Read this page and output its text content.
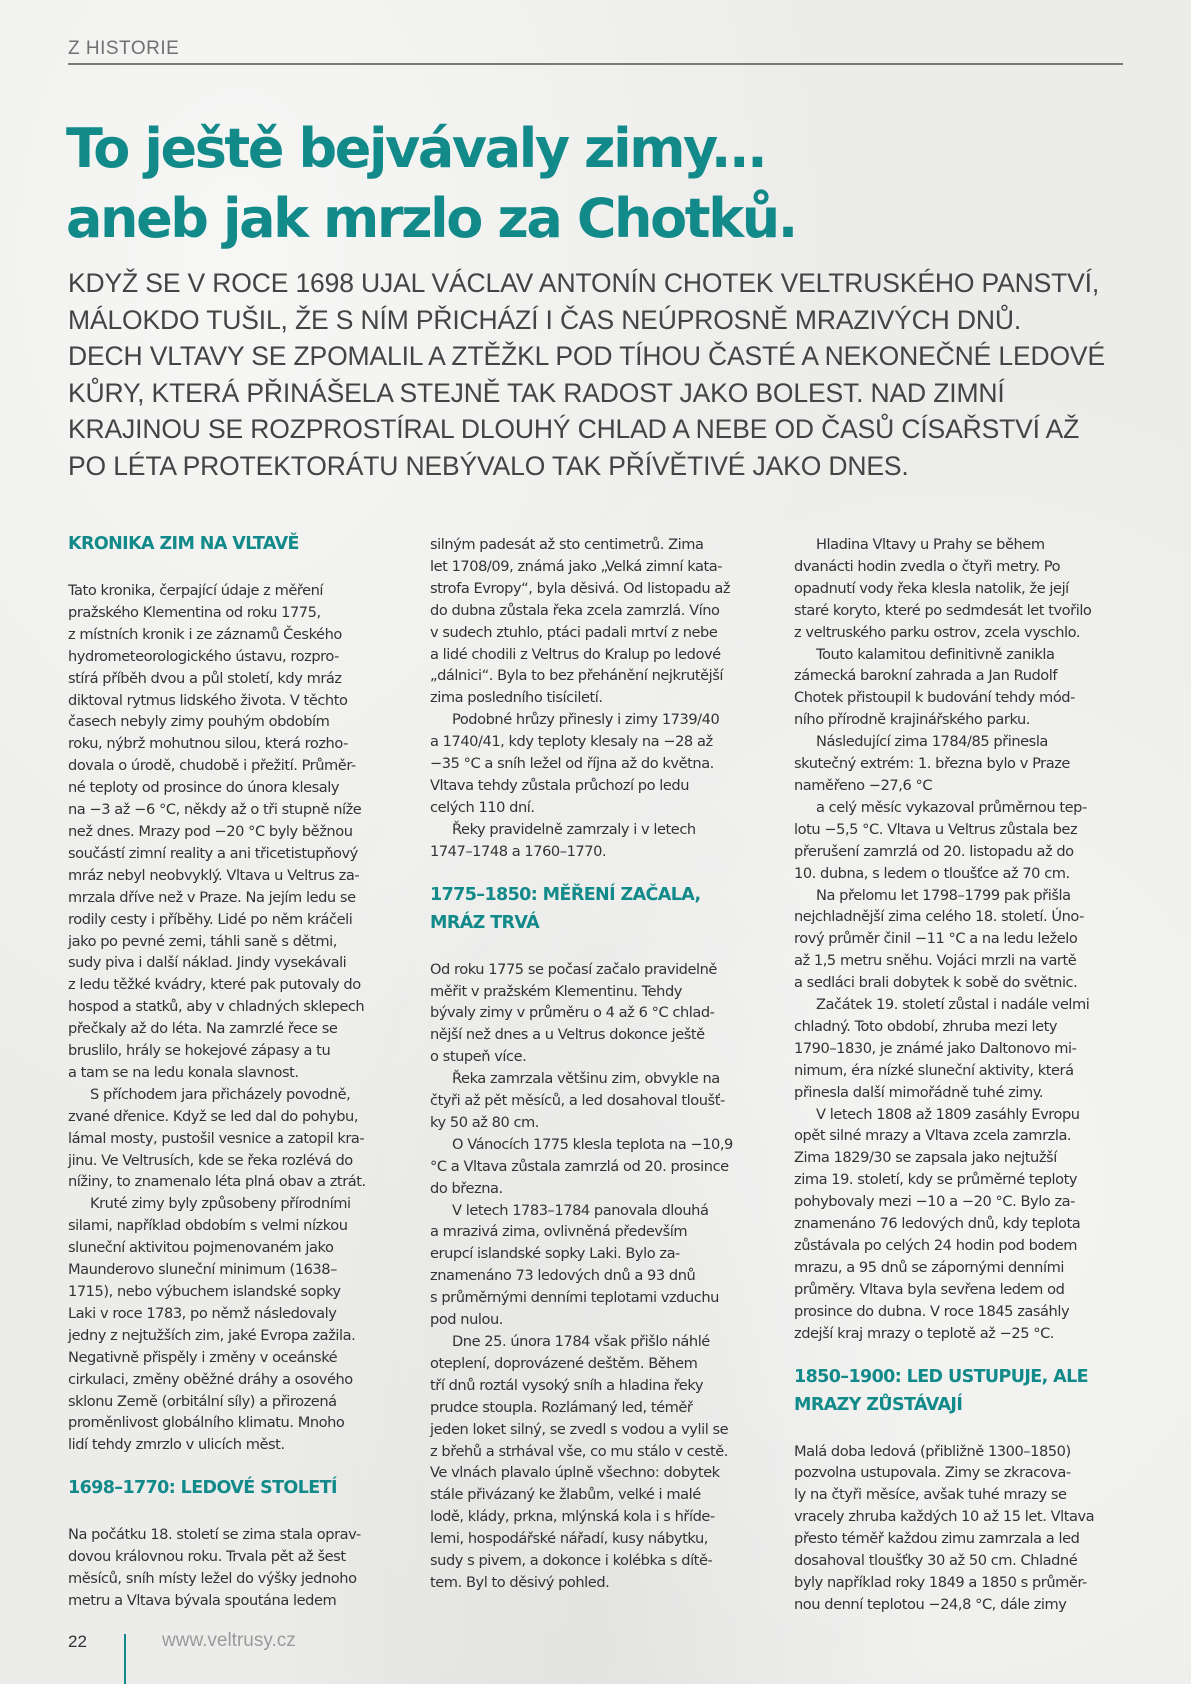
Z HISTORIE
To ještě bejvávaly zimy...
aneb jak mrzlo za Chotků.
KDYŽ SE V ROCE 1698 UJAL VÁCLAV ANTONÍN CHOTEK VELTRUSKÉHO PANSTVÍ,
MÁLOKDO TUŠIL, ŽE S NÍM PŘICHÁZÍ I ČAS NEÚPROSNĚ MRAZIVÝCH DNŮ.
DECH VLTAVY SE ZPOMALIL A ZTĚŽKL POD TÍHOU ČASTÉ A NEKONEČNÉ LEDOVÉ
KŮRY, KTERÁ PŘINÁŠELA STEJNĚ TAK RADOST JAKO BOLEST. NAD ZIMNÍ
KRAJINOU SE ROZPROSTÍRAL DLOUHÝ CHLAD A NEBE OD ČASŮ CÍSAŘSTVÍ AŽ
PO LÉTA PROTEKTORÁTU NEBÝVALO TAK PŘÍVĚTIVÉ JAKO DNES.
KRONIKA ZIM NA VLTAVĚ

Tato kronika, čerpající údaje z měření
pražského Klementina od roku 1775,
z místních kronik i ze záznamů Českého
hydrometeorologického ústavu, rozpro-
stírá příběh dvou a půl století, kdy mráz
diktoval rytmus lidského života. V těchto
časech nebyly zimy pouhým obdobím
roku, nýbrž mohutnou silou, která rozho-
dovala o úrodě, chudobě i přežití. Průměr-
né teploty od prosince do února klesaly
na −3 až −6 °C, někdy až o tři stupně níže
než dnes. Mrazy pod −20 °C byly běžnou
součástí zimní reality a ani třicetistupňový
mráz nebyl neobvyklý. Vltava u Veltrus za-
mrzala dříve než v Praze. Na jejím ledu se
rodily cesty i příběhy. Lidé po něm kráčeli
jako po pevné zemi, táhli saně s dětmi,
sudy piva i další náklad. Jindy vysekávali
z ledu těžké kvádry, které pak putovaly do
hospod a statků, aby v chladných sklepech
přečkaly až do léta. Na zamrzlé řece se
bruslilo, hrály se hokejové zápasy a tu
a tam se na ledu konala slavnost.

S příchodem jara přicházely povodně,
zvané dřenice. Když se led dal do pohybu,
lámal mosty, pustošil vesnice a zatopil kra-
jinu. Ve Veltrusích, kde se řeka rozlévá do
nížiny, to znamenalo léta plná obav a ztrát.

Kruté zimy byly způsobeny přírodními
silami, například obdobím s velmi nízkou
sluneční aktivitou pojmenovaném jako
Maunderovo sluneční minimum (1638–
1715), nebo výbuchem islandské sopky
Laki v roce 1783, po němž následovaly
jedny z nejtužších zim, jaké Evropa zažila.
Negativně přispěly i změny v oceánské
cirkulaci, změny oběžné dráhy a osového
sklonu Země (orbitální síly) a přirozená
proměnlivost globálního klimatu. Mnoho
lidí tehdy zmrzlo v ulicích měst.

1698–1770: LEDOVÉ STOLETÍ

Na počátku 18. století se zima stala oprav-
dovou královnou roku. Trvala pět až šest
měsíců, sníh místy ležel do výšky jednoho
metru a Vltava bývala spoutána ledem

silným padesát až sto centimetrů. Zima
let 1708/09, známá jako „Velká zimní kata-
strofa Evropy“, byla děsivá. Od listopadu až
do dubna zůstala řeka zcela zamrzlá. Víno
v sudech ztuhlo, ptáci padali mrtví z nebe
a lidé chodili z Veltrus do Kralup po ledové
„dálnici“. Byla to bez přehánění nejkrutější
zima posledního tisíciletí.

Podobné hrůzy přinesly i zimy 1739/40
a 1740/41, kdy teploty klesaly na −28 až
−35 °C a sníh ležel od října až do května.
Vltava tehdy zůstala průchozí po ledu
celých 110 dní.

Řeky pravidelně zamrzaly i v letech
1747–1748 a 1760–1770.

1775–1850: MĚŘENÍ ZAČALA,
MRÁZ TRVÁ

Od roku 1775 se počasí začalo pravidelně
měřit v pražském Klementinu. Tehdy
bývaly zimy v průměru o 4 až 6 °C chlad-
nější než dnes a u Veltrus dokonce ještě
o stupeň více.

Řeka zamrzala většinu zim, obvykle na
čtyři až pět měsíců, a led dosahoval tloušť-
ky 50 až 80 cm.

O Vánocích 1775 klesla teplota na −10,9
°C a Vltava zůstala zamrzlá od 20. prosince
do března.

V letech 1783–1784 panovala dlouhá
a mrazivá zima, ovlivněná především
erupcí islandské sopky Laki. Bylo za-
znamenáno 73 ledových dnů a 93 dnů
s průměrnými denními teplotami vzduchu
pod nulou.

Dne 25. února 1784 však přišlo náhlé
oteplení, doprovázené deštěm. Během
tří dnů roztál vysoký sníh a hladina řeky
prudce stoupla. Rozlámaný led, téměř
jeden loket silný, se zvedl s vodou a vylil se
z břehů a strhával vše, co mu stálo v cestě.
Ve vlnách plavalo úplně všechno: dobytek
stále přivázaný ke žlabům, velké i malé
lodě, klády, prkna, mlýnská kola i s hříde-
lemi, hospodářské nářadí, kusy nábytku,
sudy s pivem, a dokonce i kolébka s dítě-
tem. Byl to děsivý pohled.

Hladina Vltavy u Prahy se během
dvanácti hodin zvedla o čtyři metry. Po
opadnutí vody řeka klesla natolik, že její
staré koryto, které po sedmdesát let tvořilo
z veltruského parku ostrov, zcela vyschlo.

Touto kalamitou definitivně zanikla
zámecká barokní zahrada a Jan Rudolf
Chotek přistoupil k budování tehdy mód-
ního přírodně krajinářského parku.

Následující zima 1784/85 přinesla
skutečný extrém: 1. března bylo v Praze
naměřeno −27,6 °C

a celý měsíc vykazoval průměrnou tep-
lotu −5,5 °C. Vltava u Veltrus zůstala bez
přerušení zamrzlá od 20. listopadu až do
10. dubna, s ledem o tloušťce až 70 cm.

Na přelomu let 1798–1799 pak přišla
nejchladnější zima celého 18. století. Úno-
rový průměr činil −11 °C a na ledu leželo
až 1,5 metru sněhu. Vojáci mrzli na vartě
a sedláci brali dobytek k sobě do světnic.

Začátek 19. století zůstal i nadále velmi
chladný. Toto období, zhruba mezi lety
1790–1830, je známé jako Daltonovo mi-
nimum, éra nízké sluneční aktivity, která
přinesla další mimořádně tuhé zimy.

V letech 1808 až 1809 zasáhly Evropu
opět silné mrazy a Vltava zcela zamrzla.
Zima 1829/30 se zapsala jako nejtužší
zima 19. století, kdy se průměrné teploty
pohybovaly mezi −10 a −20 °C. Bylo za-
znamenáno 76 ledových dnů, kdy teplota
zůstávala po celých 24 hodin pod bodem
mrazu, a 95 dnů se zápornými denními
průměry. Vltava byla sevřena ledem od
prosince do dubna. V roce 1845 zasáhly
zdejší kraj mrazy o teplotě až −25 °C.

1850–1900: LED USTUPUJE, ALE
MRAZY ZŮSTÁVAJÍ

Malá doba ledová (přibližně 1300–1850)
pozvolna ustupovala. Zimy se zkracova-
ly na čtyři měsíce, avšak tuhé mrazy se
vracely zhruba každých 10 až 15 let. Vltava
přesto téměř každou zimu zamrzala a led
dosahoval tloušťky 30 až 50 cm. Chladné
byly například roky 1849 a 1850 s průměr-
nou denní teplotou −24,8 °C, dále zimy

22	www.veltrusy.cz
